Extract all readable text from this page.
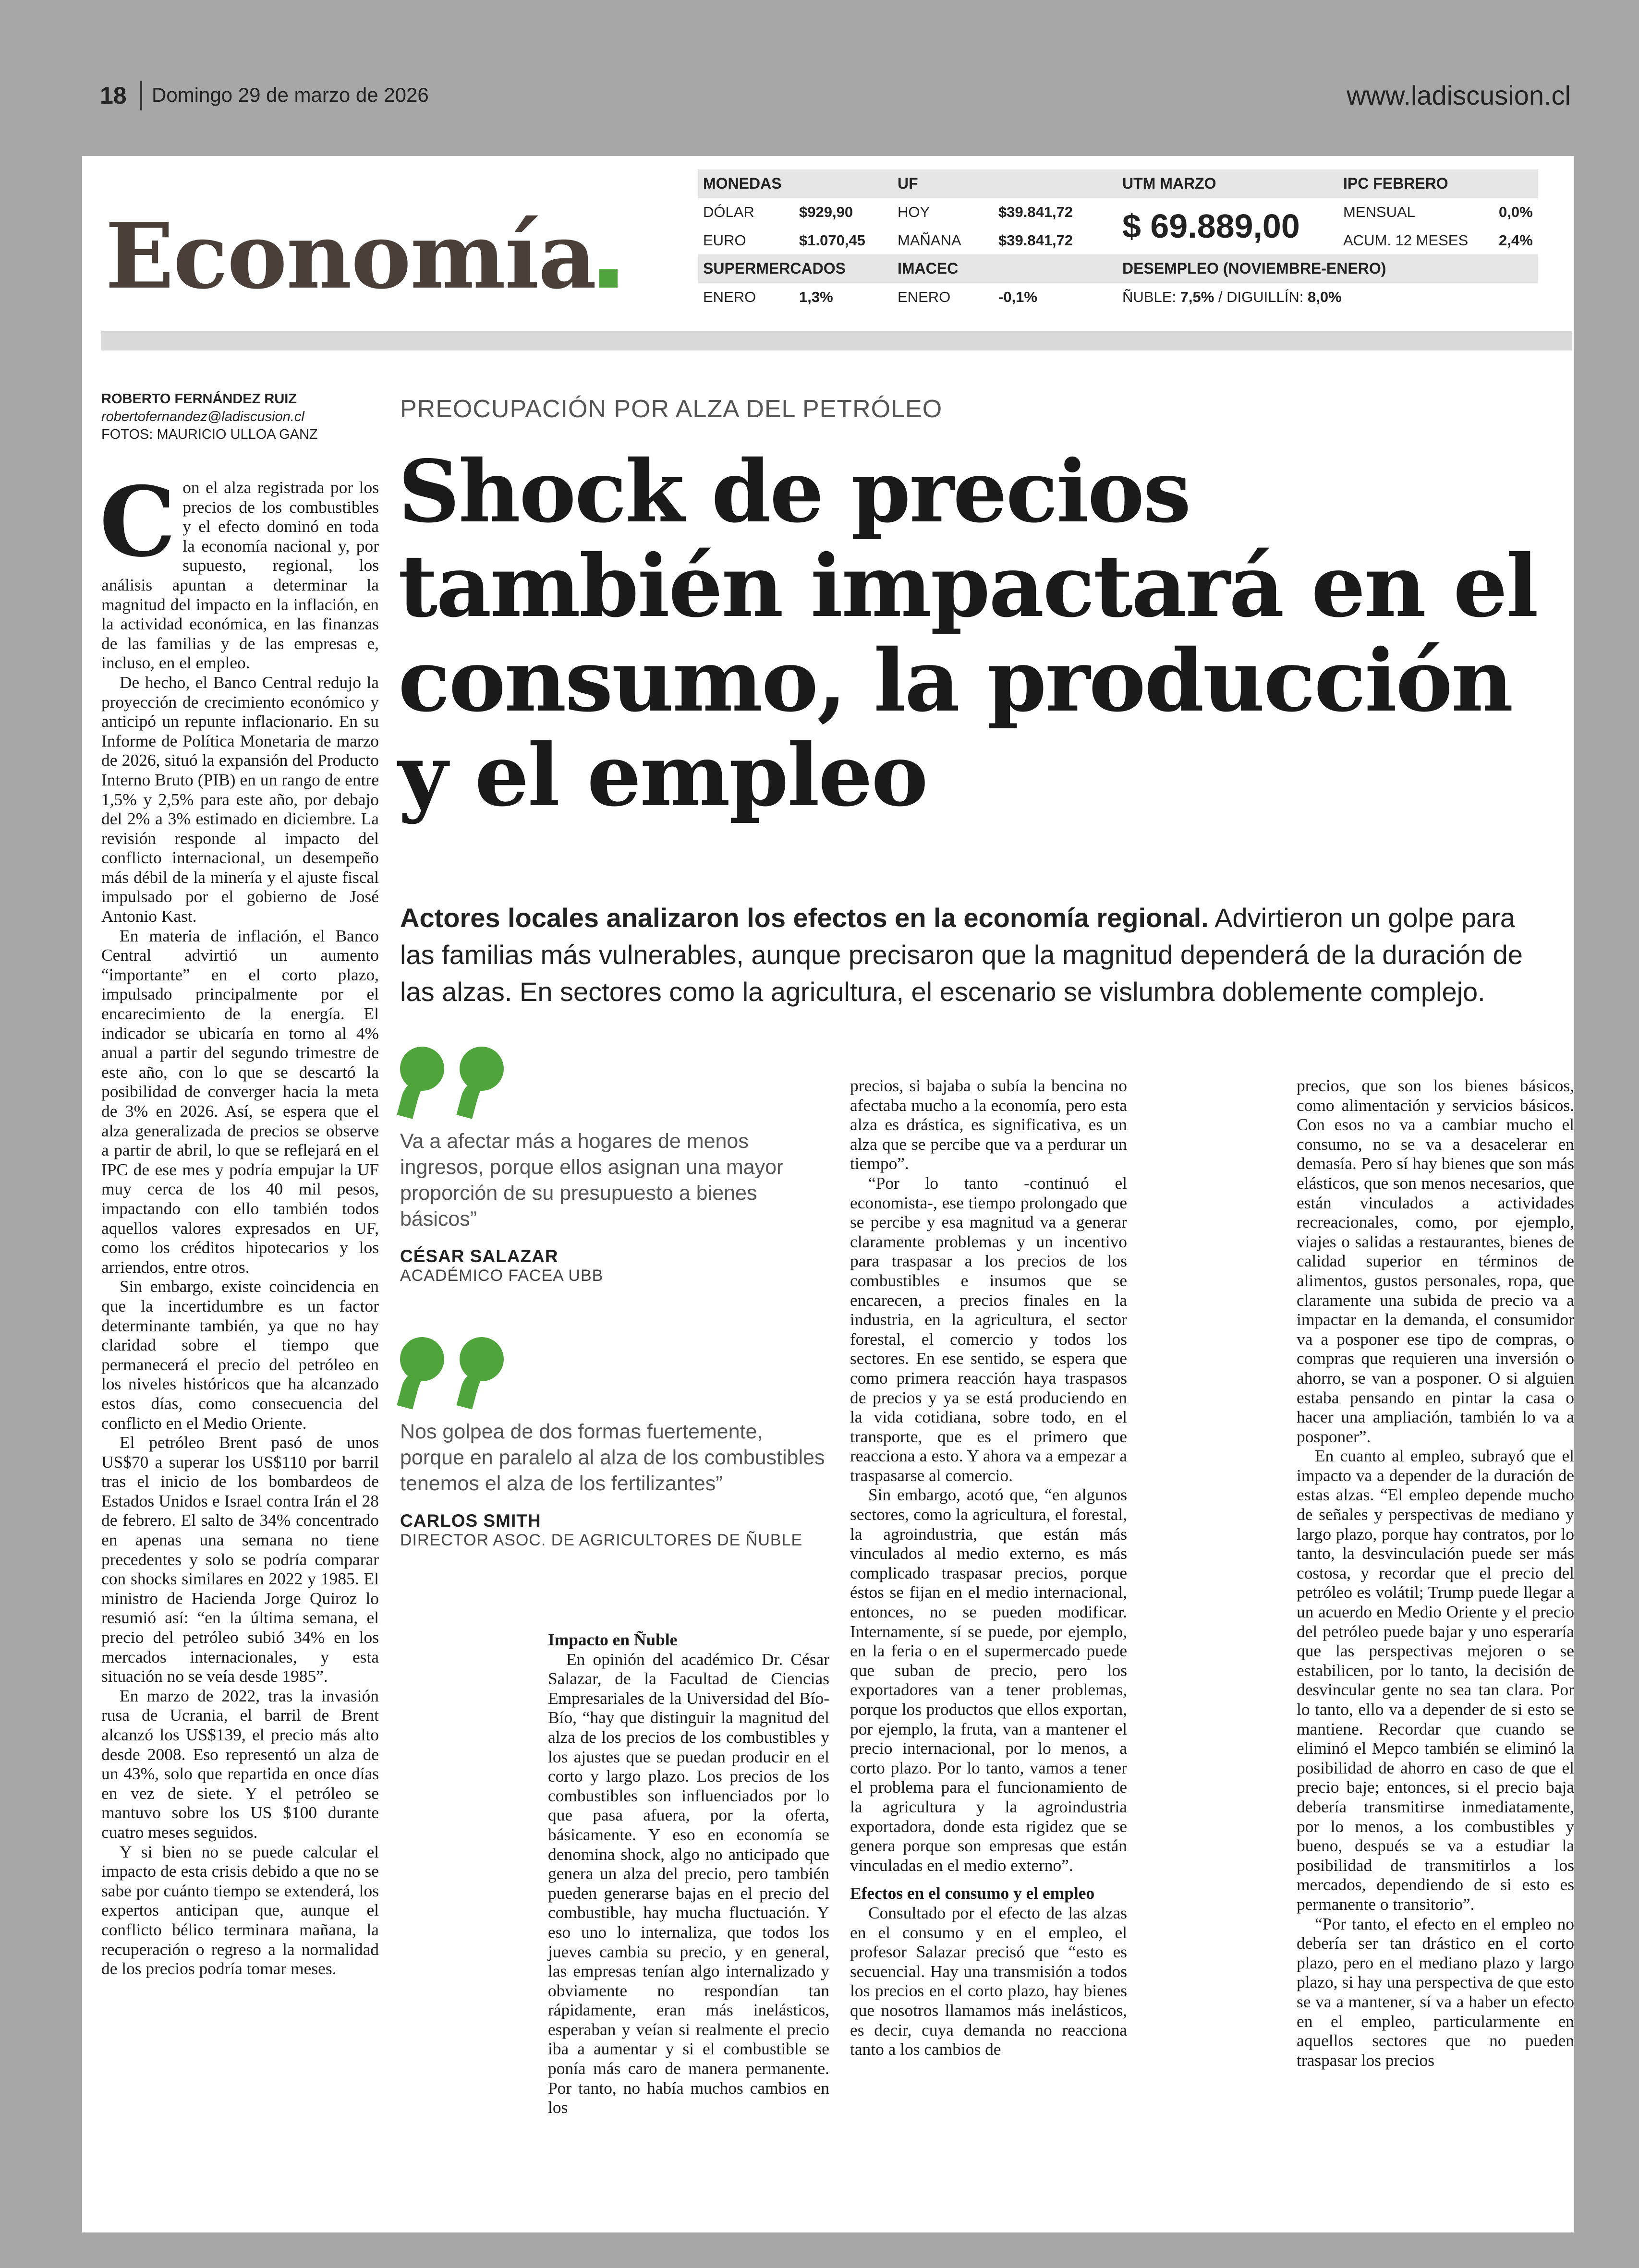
18 Domingo 29 de marzo de 2026	www.ladiscusion.cl
Economía
MONEDAS		UF		UTM MARZO	IPC FEBRERO	
DÓLAR	$929,90	HOY	$39.841,72	$ 69.889,00	MENSUAL	0,0%
EURO	$1.070,45	MAÑANA	$39.841,72		ACUM. 12 MESES	2,4%
SUPERMERCADOS		IMACEC		DESEMPLEO (NOVIEMBRE-ENERO)		
ENERO	1,3%	ENERO	-0,1%	ÑUBLE: 7,5% / DIGUILLÍN: 8,0%		
ROBERTO FERNÁNDEZ RUIZ
robertofernandez@ladiscusion.cl
FOTOS: MAURICIO ULLOA GANZ
PREOCUPACIÓN POR ALZA DEL PETRÓLEO
Shock de precios también impactará en el consumo, la producción y el empleo

Actores locales analizaron los efectos en la economía regional. Advirtieron un golpe para las familias más vulnerables, aunque precisaron que la magnitud dependerá de la duración de las alzas. En sectores como la agricultura, el escenario se vislumbra doblemente complejo.

Con el alza registrada por los precios de los combustibles y el efecto dominó en toda la economía nacional y, por supuesto, regional, los análisis apuntan a determinar la magnitud del impacto en la inflación, en la actividad económica, en las finanzas de las familias y de las empresas e, incluso, en el empleo.

De hecho, el Banco Central redujo la proyección de crecimiento económico y anticipó un repunte inflacionario. En su Informe de Política Monetaria de marzo de 2026, situó la expansión del Producto Interno Bruto (PIB) en un rango de entre 1,5% y 2,5% para este año, por debajo del 2% a 3% estimado en diciembre. La revisión responde al impacto del conflicto internacional, un desempeño más débil de la minería y el ajuste fiscal impulsado por el gobierno de José Antonio Kast.

En materia de inflación, el Banco Central advirtió un aumento “importante” en el corto plazo, impulsado principalmente por el encarecimiento de la energía. El indicador se ubicaría en torno al 4% anual a partir del segundo trimestre de este año, con lo que se descartó la posibilidad de converger hacia la meta de 3% en 2026. Así, se espera que el alza generalizada de precios se observe a partir de abril, lo que se reflejará en el IPC de ese mes y podría empujar la UF muy cerca de los 40 mil pesos, impactando con ello también todos aquellos valores expresados en UF, como los créditos hipotecarios y los arriendos, entre otros.

Sin embargo, existe coincidencia en que la incertidumbre es un factor determinante también, ya que no hay claridad sobre el tiempo que permanecerá el precio del petróleo en los niveles históricos que ha alcanzado estos días, como consecuencia del conflicto en el Medio Oriente.

El petróleo Brent pasó de unos US$70 a superar los US$110 por barril tras el inicio de los bombardeos de Estados Unidos e Israel contra Irán el 28 de febrero. El salto de 34% concentrado en apenas una semana no tiene precedentes y solo se podría comparar con shocks similares en 2022 y 1985. El ministro de Hacienda Jorge Quiroz lo resumió así: “en la última semana, el precio del petróleo subió 34% en los mercados internacionales, y esta situación no se veía desde 1985”.

En marzo de 2022, tras la invasión rusa de Ucrania, el barril de Brent alcanzó los US$139, el precio más alto desde 2008. Eso representó un alza de un 43%, solo que repartida en once días en vez de siete. Y el petróleo se mantuvo sobre los US $100 durante cuatro meses seguidos.

Y si bien no se puede calcular el impacto de esta crisis debido a que no se sabe por cuánto tiempo se extenderá, los expertos anticipan que, aunque el conflicto bélico terminara mañana, la recuperación o regreso a la normalidad de los precios podría tomar meses.

Va a afectar más a hogares de menos ingresos, porque ellos asignan una mayor proporción de su presupuesto a bienes básicos”
CÉSAR SALAZAR
ACADÉMICO FACEA UBB
Nos golpea de dos formas fuertemente, porque en paralelo al alza de los combustibles tenemos el alza de los fertilizantes”
CARLOS SMITH
DIRECTOR ASOC. DE AGRICULTORES DE ÑUBLE

Impacto en Ñuble

En opinión del académico Dr. César Salazar, de la Facultad de Ciencias Empresariales de la Universidad del Bío-Bío, “hay que distinguir la magnitud del alza de los precios de los combustibles y los ajustes que se puedan producir en el corto y largo plazo. Los precios de los combustibles son influenciados por lo que pasa afuera, por la oferta, básicamente. Y eso en economía se denomina shock, algo no anticipado que genera un alza del precio, pero también pueden generarse bajas en el precio del combustible, hay mucha fluctuación. Y eso uno lo internaliza, que todos los jueves cambia su precio, y en general, las empresas tenían algo internalizado y obviamente no respondían tan rápidamente, eran más inelásticos, esperaban y veían si realmente el precio iba a aumentar y si el combustible se ponía más caro de manera permanente. Por tanto, no había muchos cambios en los

precios, si bajaba o subía la bencina no afectaba mucho a la economía, pero esta alza es drástica, es significativa, es un alza que se percibe que va a perdurar un tiempo”.

“Por lo tanto -continuó el economista-, ese tiempo prolongado que se percibe y esa magnitud va a generar claramente problemas y un incentivo para traspasar a los precios de los combustibles e insumos que se encarecen, a precios finales en la industria, en la agricultura, el sector forestal, el comercio y todos los sectores. En ese sentido, se espera que como primera reacción haya traspasos de precios y ya se está produciendo en la vida cotidiana, sobre todo, en el transporte, que es el primero que reacciona a esto. Y ahora va a empezar a traspasarse al comercio.

Sin embargo, acotó que, “en algunos sectores, como la agricultura, el forestal, la agroindustria, que están más vinculados al medio externo, es más complicado traspasar precios, porque éstos se fijan en el medio internacional, entonces, no se pueden modificar. Internamente, sí se puede, por ejemplo, en la feria o en el supermercado puede que suban de precio, pero los exportadores van a tener problemas, porque los productos que ellos exportan, por ejemplo, la fruta, van a mantener el precio internacional, por lo menos, a corto plazo. Por lo tanto, vamos a tener el problema para el funcionamiento de la agricultura y la agroindustria exportadora, donde esta rigidez que se genera porque son empresas que están vinculadas en el medio externo”.

Efectos en el consumo y el empleo

Consultado por el efecto de las alzas en el consumo y en el empleo, el profesor Salazar precisó que “esto es secuencial. Hay una transmisión a todos los precios en el corto plazo, hay bienes que nosotros llamamos más inelásticos, es decir, cuya demanda no reacciona tanto a los cambios de

precios, que son los bienes básicos, como alimentación y servicios básicos. Con esos no va a cambiar mucho el consumo, no se va a desacelerar en demasía. Pero sí hay bienes que son más elásticos, que son menos necesarios, que están vinculados a actividades recreacionales, como, por ejemplo, viajes o salidas a restaurantes, bienes de calidad superior en términos de alimentos, gustos personales, ropa, que claramente una subida de precio va a impactar en la demanda, el consumidor va a posponer ese tipo de compras, o compras que requieren una inversión o ahorro, se van a posponer. O si alguien estaba pensando en pintar la casa o hacer una ampliación, también lo va a posponer”.

En cuanto al empleo, subrayó que el impacto va a depender de la duración de estas alzas. “El empleo depende mucho de señales y perspectivas de mediano y largo plazo, porque hay contratos, por lo tanto, la desvinculación puede ser más costosa, y recordar que el precio del petróleo es volátil; Trump puede llegar a un acuerdo en Medio Oriente y el precio del petróleo puede bajar y uno esperaría que las perspectivas mejoren o se estabilicen, por lo tanto, la decisión de desvincular gente no sea tan clara. Por lo tanto, ello va a depender de si esto se mantiene. Recordar que cuando se eliminó el Mepco también se eliminó la posibilidad de ahorro en caso de que el precio baje; entonces, si el precio baja debería transmitirse inmediatamente, por lo menos, a los combustibles y bueno, después se va a estudiar la posibilidad de transmitirlos a los mercados, dependiendo de si esto es permanente o transitorio”.

“Por tanto, el efecto en el empleo no debería ser tan drástico en el corto plazo, pero en el mediano plazo y largo plazo, si hay una perspectiva de que esto se va a mantener, sí va a haber un efecto en el empleo, particularmente en aquellos sectores que no pueden traspasar los precios
